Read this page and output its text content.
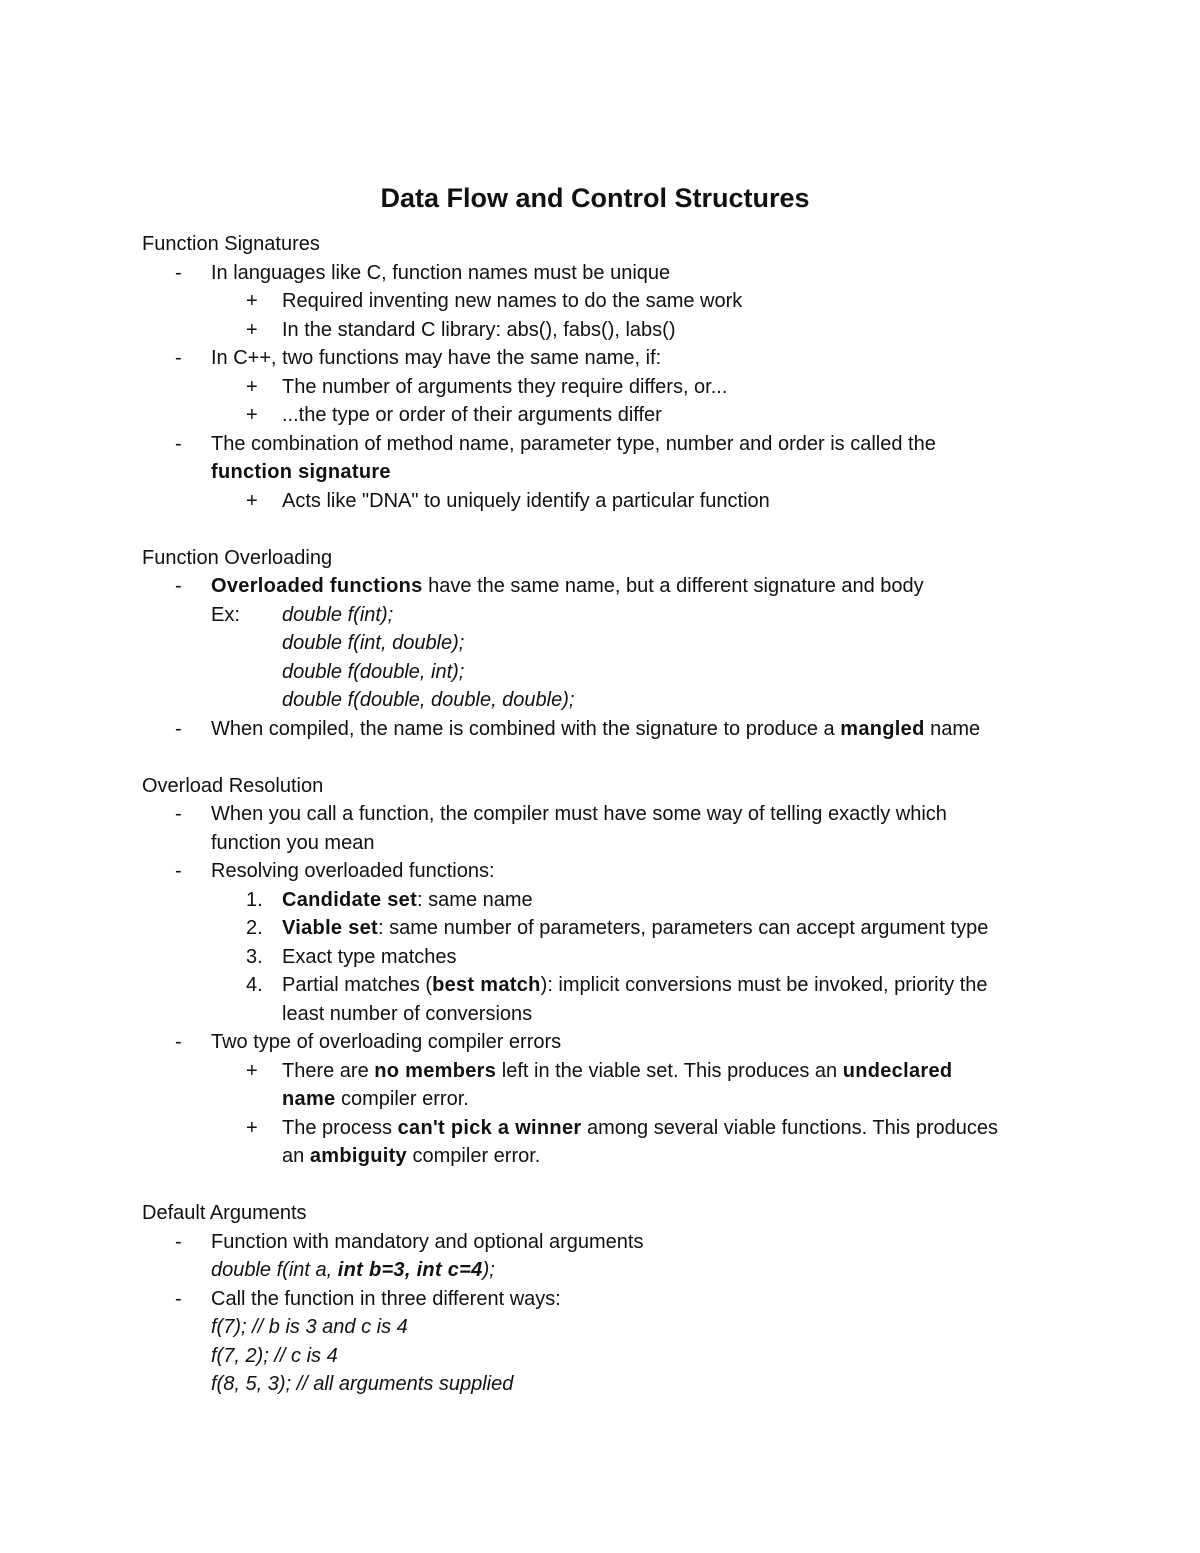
Data Flow and Control Structures
Function Signatures
- In languages like C, function names must be unique
+ Required inventing new names to do the same work
+ In the standard C library: abs(), fabs(), labs()
- In C++, two functions may have the same name, if:
+ The number of arguments they require differs, or...
+ ...the type or order of their arguments differ
- The combination of method name, parameter type, number and order is called the
function signature
+ Acts like "DNA" to uniquely identify a particular function
Function Overloading
- Overloaded functions have the same name, but a different signature and body
Ex: double f(int);
double f(int, double);
double f(double, int);
double f(double, double, double);
- When compiled, the name is combined with the signature to produce a mangled name
Overload Resolution
- When you call a function, the compiler must have some way of telling exactly which
function you mean
- Resolving overloaded functions:
1. Candidate set: same name
2. Viable set: same number of parameters, parameters can accept argument type
3. Exact type matches
4. Partial matches (best match): implicit conversions must be invoked, priority the
least number of conversions
- Two type of overloading compiler errors
+ There are no members left in the viable set. This produces an undeclared
name compiler error.
+ The process can't pick a winner among several viable functions. This produces
an ambiguity compiler error.
Default Arguments
- Function with mandatory and optional arguments
double f(int a, int b=3, int c=4);
- Call the function in three different ways:
f(7); // b is 3 and c is 4
f(7, 2); // c is 4
f(8, 5, 3); // all arguments supplied
